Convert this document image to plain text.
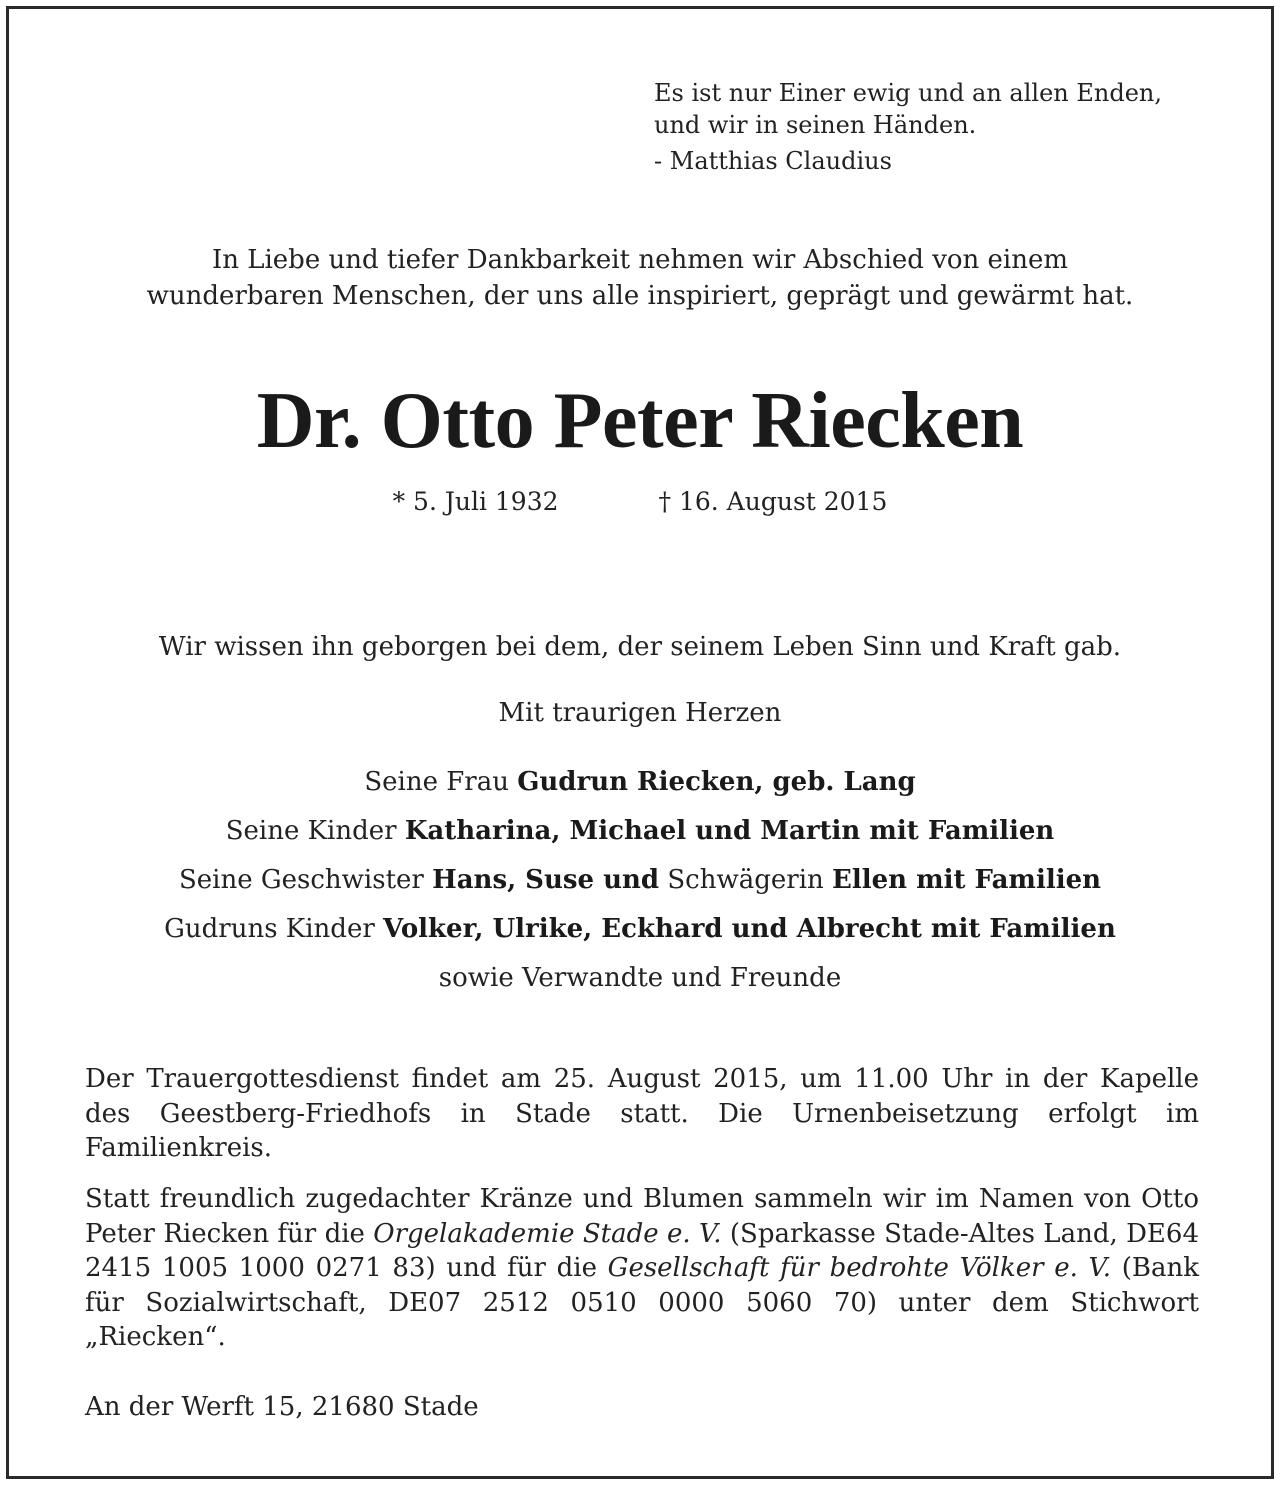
Es ist nur Einer ewig und an allen Enden,
und wir in seinen Händen.
- Matthias Claudius
In Liebe und tiefer Dankbarkeit nehmen wir Abschied von einem
wunderbaren Menschen, der uns alle inspiriert, geprägt und gewärmt hat.
Dr. Otto Peter Riecken
* 5. Juli 1932	† 16. August 2015
Wir wissen ihn geborgen bei dem, der seinem Leben Sinn und Kraft gab.
Mit traurigen Herzen
Seine Frau Gudrun Riecken, geb. Lang
Seine Kinder Katharina, Michael und Martin mit Familien
Seine Geschwister Hans, Suse und Schwägerin Ellen mit Familien
Gudruns Kinder Volker, Ulrike, Eckhard und Albrecht mit Familien
sowie Verwandte und Freunde
Der Trauergottesdienst findet am 25. August 2015, um 11.00 Uhr in der Kapelle des Geestberg-Friedhofs in Stade statt. Die Urnenbeisetzung erfolgt im Familienkreis.
Statt freundlich zugedachter Kränze und Blumen sammeln wir im Namen von Otto Peter Riecken für die Orgelakademie Stade e. V. (Sparkasse Stade-Altes Land, DE64 2415 1005 1000 0271 83) und für die Gesellschaft für bedrohte Völker e. V. (Bank für Sozialwirtschaft, DE07 2512 0510 0000 5060 70) unter dem Stichwort „Riecken“.
An der Werft 15, 21680 Stade
